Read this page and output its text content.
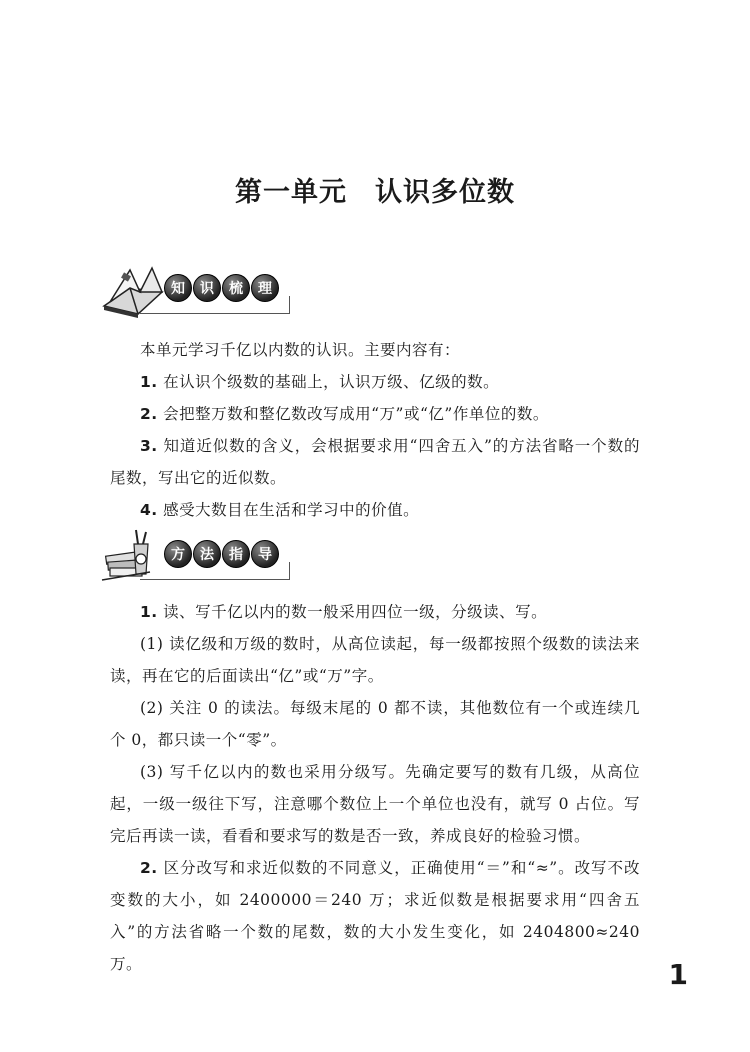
第一单元　认识多位数
知	识	梳	理

本单元学习千亿以内数的认识。主要内容有：

1. 在认识个级数的基础上，认识万级、亿级的数。

2. 会把整万数和整亿数改写成用“万”或“亿”作单位的数。

3. 知道近似数的含义，会根据要求用“四舍五入”的方法省略一个数的尾数，写出它的近似数。

4. 感受大数目在生活和学习中的价值。

方	法	指	导

1. 读、写千亿以内的数一般采用四位一级，分级读、写。

(1) 读亿级和万级的数时，从高位读起，每一级都按照个级数的读法来读，再在它的后面读出“亿”或“万”字。

(2) 关注 0 的读法。每级末尾的 0 都不读，其他数位有一个或连续几个 0，都只读一个“零”。

(3) 写千亿以内的数也采用分级写。先确定要写的数有几级，从高位起，一级一级往下写，注意哪个数位上一个单位也没有，就写 0 占位。写完后再读一读，看看和要求写的数是否一致，养成良好的检验习惯。

2. 区分改写和求近似数的不同意义，正确使用“＝”和“≈”。改写不改变数的大小，如 2400000＝240 万；求近似数是根据要求用“四舍五入”的方法省略一个数的尾数，数的大小发生变化，如 2404800≈240 万。	1
